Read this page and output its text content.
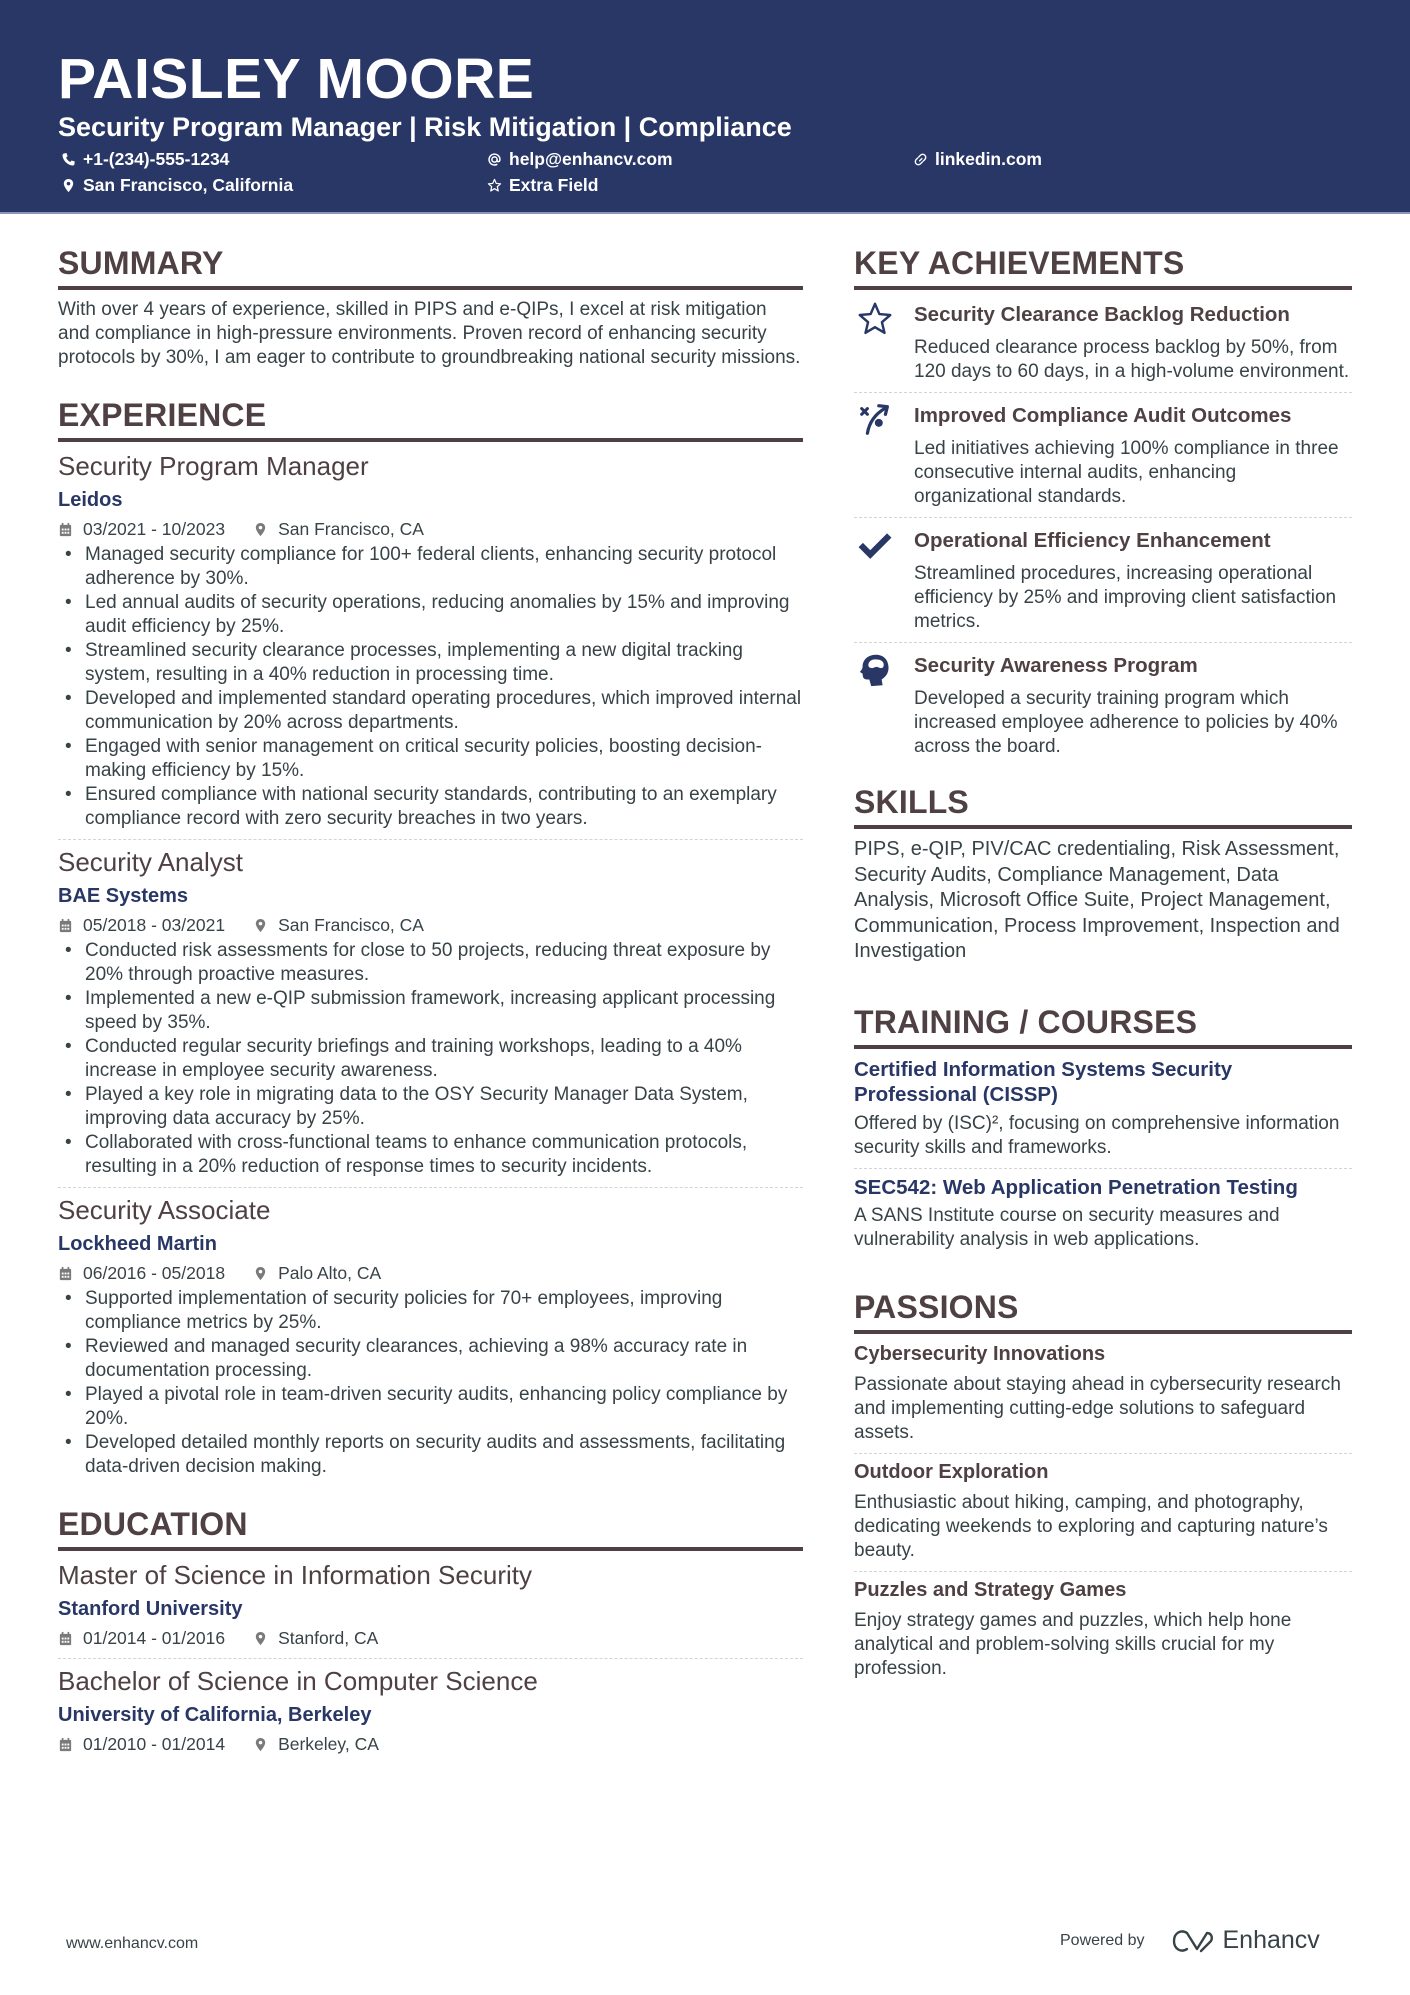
PAISLEY MOORE
Security Program Manager | Risk Mitigation | Compliance
+1-(234)-555-1234	help@enhancv.com	linkedin.com
San Francisco, California	Extra Field
SUMMARY

With over 4 years of experience, skilled in PIPS and e-QIPs, I excel at risk mitigation and compliance in high-pressure environments. Proven record of enhancing security protocols by 30%, I am eager to contribute to groundbreaking national security missions.

EXPERIENCE
Security Program Manager
Leidos
03/2021 - 10/2023	San Francisco, CA
• Managed security compliance for 100+ federal clients, enhancing security protocol adherence by 30%.
• Led annual audits of security operations, reducing anomalies by 15% and improving audit efficiency by 25%.
• Streamlined security clearance processes, implementing a new digital tracking system, resulting in a 40% reduction in processing time.
• Developed and implemented standard operating procedures, which improved internal communication by 20% across departments.
• Engaged with senior management on critical security policies, boosting decision-making efficiency by 15%.
• Ensured compliance with national security standards, contributing to an exemplary compliance record with zero security breaches in two years.
Security Analyst
BAE Systems
05/2018 - 03/2021	San Francisco, CA
• Conducted risk assessments for close to 50 projects, reducing threat exposure by 20% through proactive measures.
• Implemented a new e-QIP submission framework, increasing applicant processing speed by 35%.
• Conducted regular security briefings and training workshops, leading to a 40% increase in employee security awareness.
• Played a key role in migrating data to the OSY Security Manager Data System, improving data accuracy by 25%.
• Collaborated with cross-functional teams to enhance communication protocols, resulting in a 20% reduction of response times to security incidents.
Security Associate
Lockheed Martin
06/2016 - 05/2018	Palo Alto, CA
• Supported implementation of security policies for 70+ employees, improving compliance metrics by 25%.
• Reviewed and managed security clearances, achieving a 98% accuracy rate in documentation processing.
• Played a pivotal role in team-driven security audits, enhancing policy compliance by 20%.
• Developed detailed monthly reports on security audits and assessments, facilitating data-driven decision making.
EDUCATION
Master of Science in Information Security
Stanford University
01/2014 - 01/2016	Stanford, CA
Bachelor of Science in Computer Science
University of California, Berkeley
01/2010 - 01/2014	Berkeley, CA
KEY ACHIEVEMENTS
Security Clearance Backlog Reduction
Reduced clearance process backlog by 50%, from 120 days to 60 days, in a high-volume environment.
Improved Compliance Audit Outcomes
Led initiatives achieving 100% compliance in three consecutive internal audits, enhancing organizational standards.
Operational Efficiency Enhancement
Streamlined procedures, increasing operational efficiency by 25% and improving client satisfaction metrics.
Security Awareness Program
Developed a security training program which increased employee adherence to policies by 40% across the board.
SKILLS
PIPS, e-QIP, PIV/CAC credentialing, Risk Assessment, Security Audits, Compliance Management, Data Analysis, Microsoft Office Suite, Project Management, Communication, Process Improvement, Inspection and Investigation
TRAINING / COURSES
Certified Information Systems Security Professional (CISSP)
Offered by (ISC)², focusing on comprehensive information security skills and frameworks.
SEC542: Web Application Penetration Testing
A SANS Institute course on security measures and vulnerability analysis in web applications.
PASSIONS
Cybersecurity Innovations
Passionate about staying ahead in cybersecurity research and implementing cutting-edge solutions to safeguard assets.
Outdoor Exploration
Enthusiastic about hiking, camping, and photography, dedicating weekends to exploring and capturing nature’s beauty.
Puzzles and Strategy Games
Enjoy strategy games and puzzles, which help hone analytical and problem-solving skills crucial for my profession.
www.enhancv.com	Powered by	Enhancv
